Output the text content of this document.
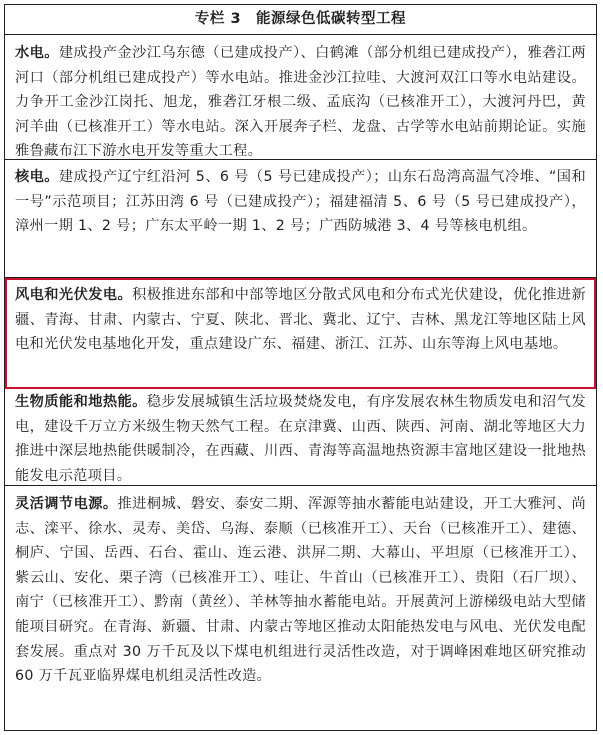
专栏 3　能源绿色低碳转型工程

水电。建成投产金沙江乌东德（已建成投产）、白鹤滩（部分机组已建成投产），雅砻江两河口（部分机组已建成投产）等水电站。推进金沙江拉哇、大渡河双江口等水电站建设。力争开工金沙江岗托、旭龙，雅砻江牙根二级、孟底沟（已核准开工），大渡河丹巴，黄河羊曲（已核准开工）等水电站。深入开展奔子栏、龙盘、古学等水电站前期论证。实施雅鲁藏布江下游水电开发等重大工程。

核电。建成投产辽宁红沿河 5、6 号（5 号已建成投产）；山东石岛湾高温气冷堆、“国和一号”示范项目；江苏田湾 6 号（已建成投产）；福建福清 5、6 号（5 号已建成投产），漳州一期 1、2 号；广东太平岭一期 1、2 号；广西防城港 3、4 号等核电机组。

风电和光伏发电。积极推进东部和中部等地区分散式风电和分布式光伏建设，优化推进新疆、青海、甘肃、内蒙古、宁夏、陕北、晋北、冀北、辽宁、吉林、黑龙江等地区陆上风电和光伏发电基地化开发，重点建设广东、福建、浙江、江苏、山东等海上风电基地。

生物质能和地热能。稳步发展城镇生活垃圾焚烧发电，有序发展农林生物质发电和沼气发电，建设千万立方米级生物天然气工程。在京津冀、山西、陕西、河南、湖北等地区大力推进中深层地热能供暖制冷，在西藏、川西、青海等高温地热资源丰富地区建设一批地热能发电示范项目。

灵活调节电源。推进桐城、磐安、泰安二期、浑源等抽水蓄能电站建设，开工大雅河、尚志、滦平、徐水、灵寿、美岱、乌海、泰顺（已核准开工）、天台（已核准开工）、建德、桐庐、宁国、岳西、石台、霍山、连云港、洪屏二期、大幕山、平坦原（已核准开工）、紫云山、安化、栗子湾（已核准开工）、哇让、牛首山（已核准开工）、贵阳（石厂坝）、南宁（已核准开工）、黔南（黄丝）、羊林等抽水蓄能电站。开展黄河上游梯级电站大型储能项目研究。在青海、新疆、甘肃、内蒙古等地区推动太阳能热发电与风电、光伏发电配套发展。重点对 30 万千瓦及以下煤电机组进行灵活性改造，对于调峰困难地区研究推动 60 万千瓦亚临界煤电机组灵活性改造。
